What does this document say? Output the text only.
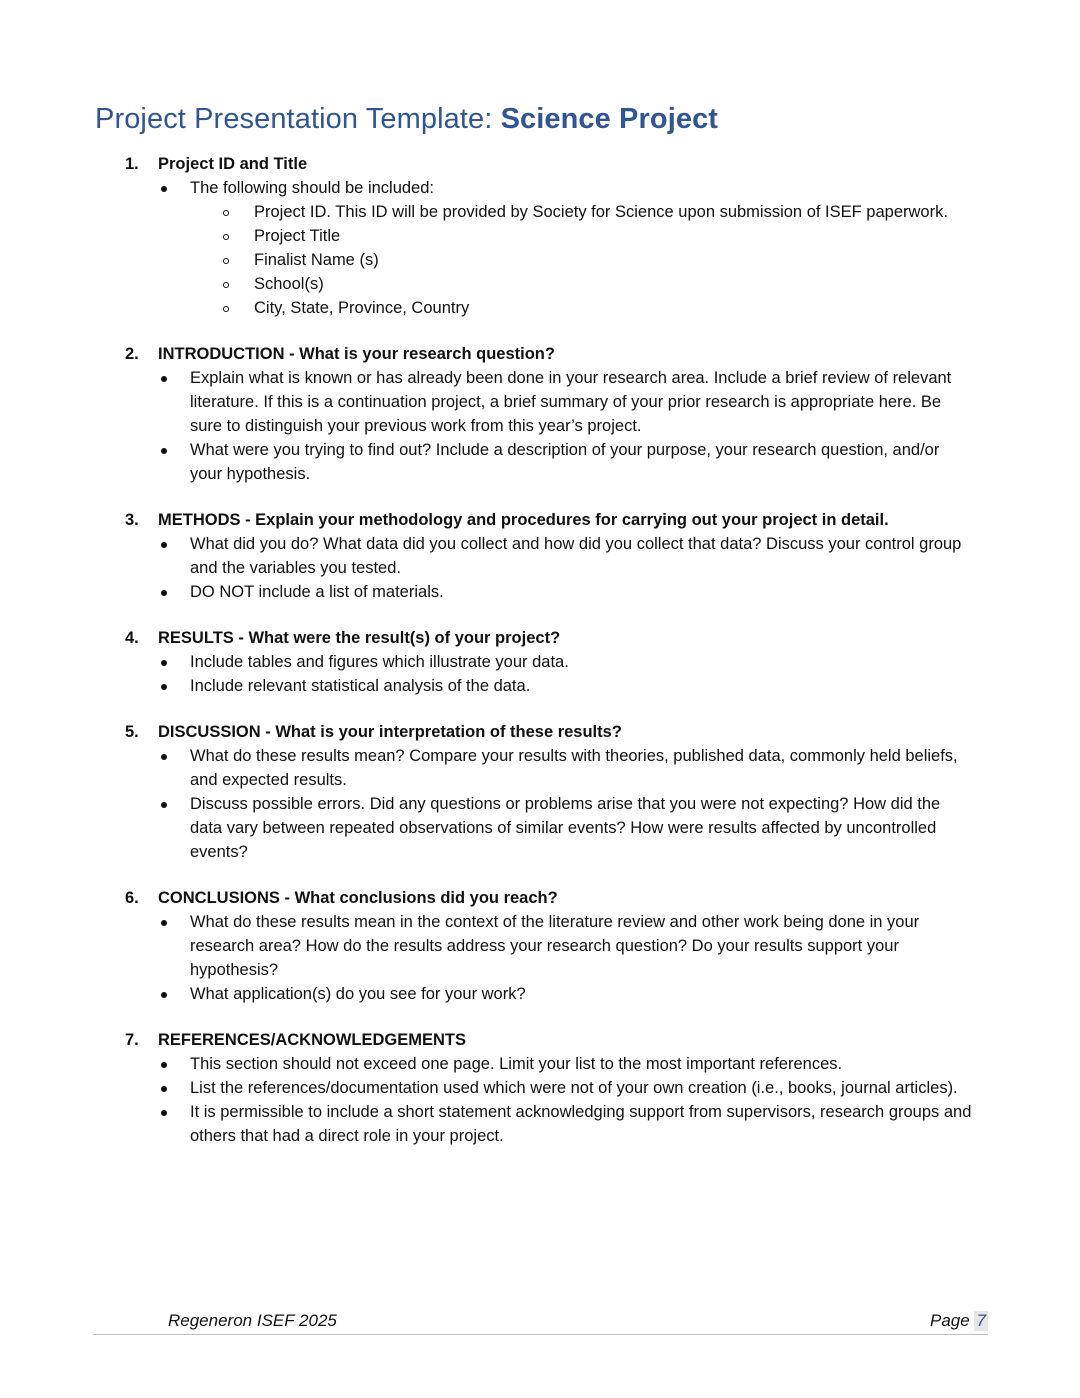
Project Presentation Template: Science Project
1. Project ID and Title
The following should be included:
Project ID. This ID will be provided by Society for Science upon submission of ISEF paperwork.
Project Title
Finalist Name (s)
School(s)
City, State, Province, Country
2. INTRODUCTION - What is your research question?
Explain what is known or has already been done in your research area. Include a brief review of relevant literature. If this is a continuation project, a brief summary of your prior research is appropriate here. Be sure to distinguish your previous work from this year’s project.
What were you trying to find out? Include a description of your purpose, your research question, and/or your hypothesis.
3. METHODS - Explain your methodology and procedures for carrying out your project in detail.
What did you do? What data did you collect and how did you collect that data? Discuss your control group and the variables you tested.
DO NOT include a list of materials.
4. RESULTS - What were the result(s) of your project?
Include tables and figures which illustrate your data.
Include relevant statistical analysis of the data.
5. DISCUSSION - What is your interpretation of these results?
What do these results mean? Compare your results with theories, published data, commonly held beliefs, and expected results.
Discuss possible errors. Did any questions or problems arise that you were not expecting? How did the data vary between repeated observations of similar events? How were results affected by uncontrolled events?
6. CONCLUSIONS - What conclusions did you reach?
What do these results mean in the context of the literature review and other work being done in your research area? How do the results address your research question? Do your results support your hypothesis?
What application(s) do you see for your work?
7. REFERENCES/ACKNOWLEDGEMENTS
This section should not exceed one page. Limit your list to the most important references.
List the references/documentation used which were not of your own creation (i.e., books, journal articles).
It is permissible to include a short statement acknowledging support from supervisors, research groups and others that had a direct role in your project.
Regeneron ISEF 2025	Page 7
